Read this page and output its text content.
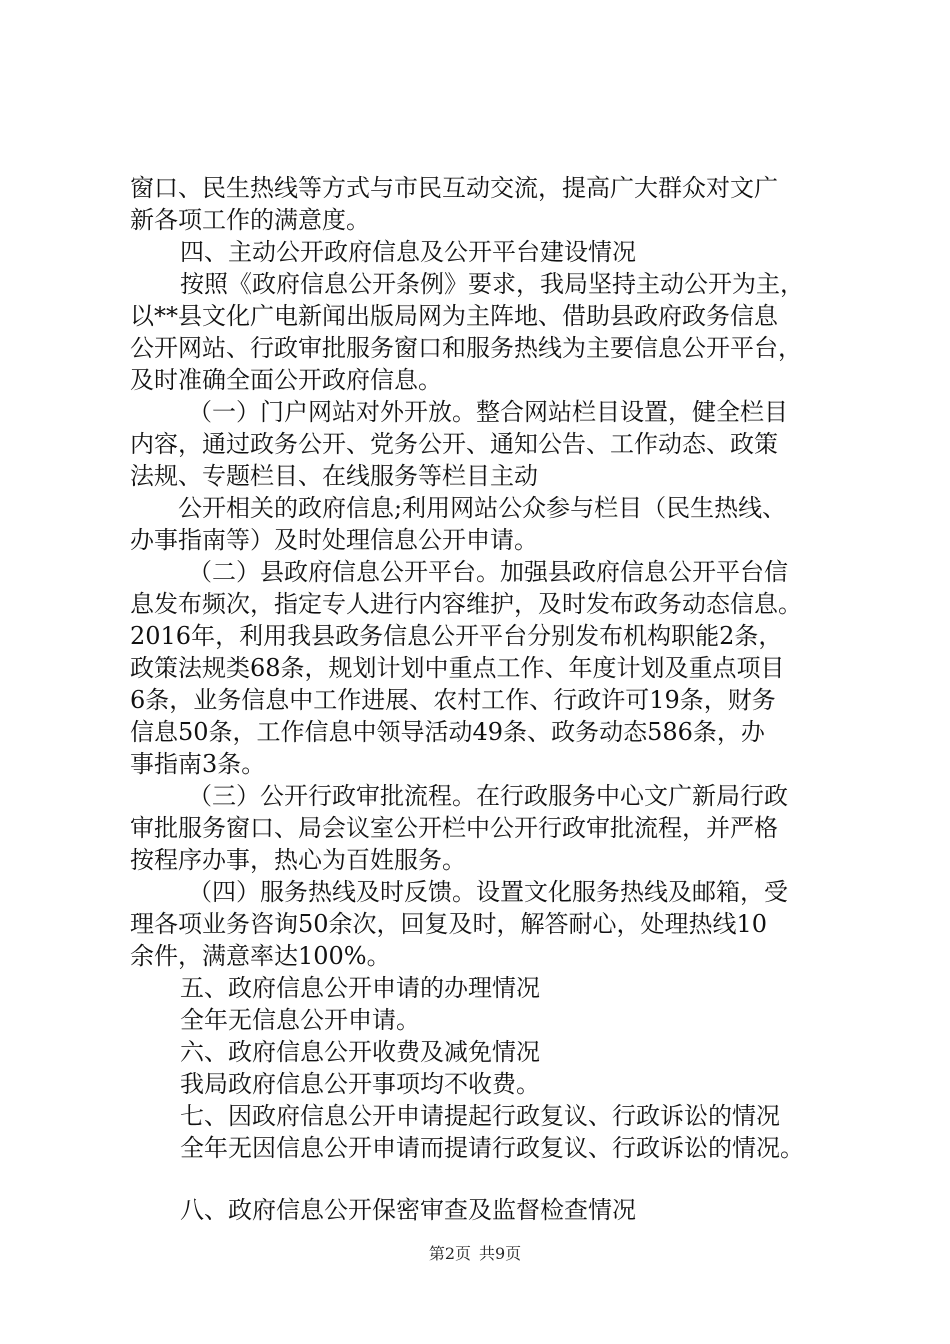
窗口、民生热线等方式与市民互动交流，提高广大群众对文广
新各项工作的满意度。
四、主动公开政府信息及公开平台建设情况
按照《政府信息公开条例》要求，我局坚持主动公开为主，
以**县文化广电新闻出版局网为主阵地、借助县政府政务信息
公开网站、行政审批服务窗口和服务热线为主要信息公开平台，
及时准确全面公开政府信息。
（一）门户网站对外开放。整合网站栏目设置，健全栏目
内容，通过政务公开、党务公开、通知公告、工作动态、政策
法规、专题栏目、在线服务等栏目主动
公开相关的政府信息;利用网站公众参与栏目（民生热线、
办事指南等）及时处理信息公开申请。
（二）县政府信息公开平台。加强县政府信息公开平台信
息发布频次，指定专人进行内容维护，及时发布政务动态信息。
2016年，利用我县政务信息公开平台分别发布机构职能2条，
政策法规类68条，规划计划中重点工作、年度计划及重点项目
6条，业务信息中工作进展、农村工作、行政许可19条，财务
信息50条，工作信息中领导活动49条、政务动态586条，办
事指南3条。
（三）公开行政审批流程。在行政服务中心文广新局行政
审批服务窗口、局会议室公开栏中公开行政审批流程，并严格
按程序办事，热心为百姓服务。
（四）服务热线及时反馈。设置文化服务热线及邮箱，受
理各项业务咨询50余次，回复及时，解答耐心，处理热线10
余件，满意率达100%。
五、政府信息公开申请的办理情况
全年无信息公开申请。
六、政府信息公开收费及减免情况
我局政府信息公开事项均不收费。
七、因政府信息公开申请提起行政复议、行政诉讼的情况
全年无因信息公开申请而提请行政复议、行政诉讼的情况。
八、政府信息公开保密审查及监督检查情况
第2页 共9页
